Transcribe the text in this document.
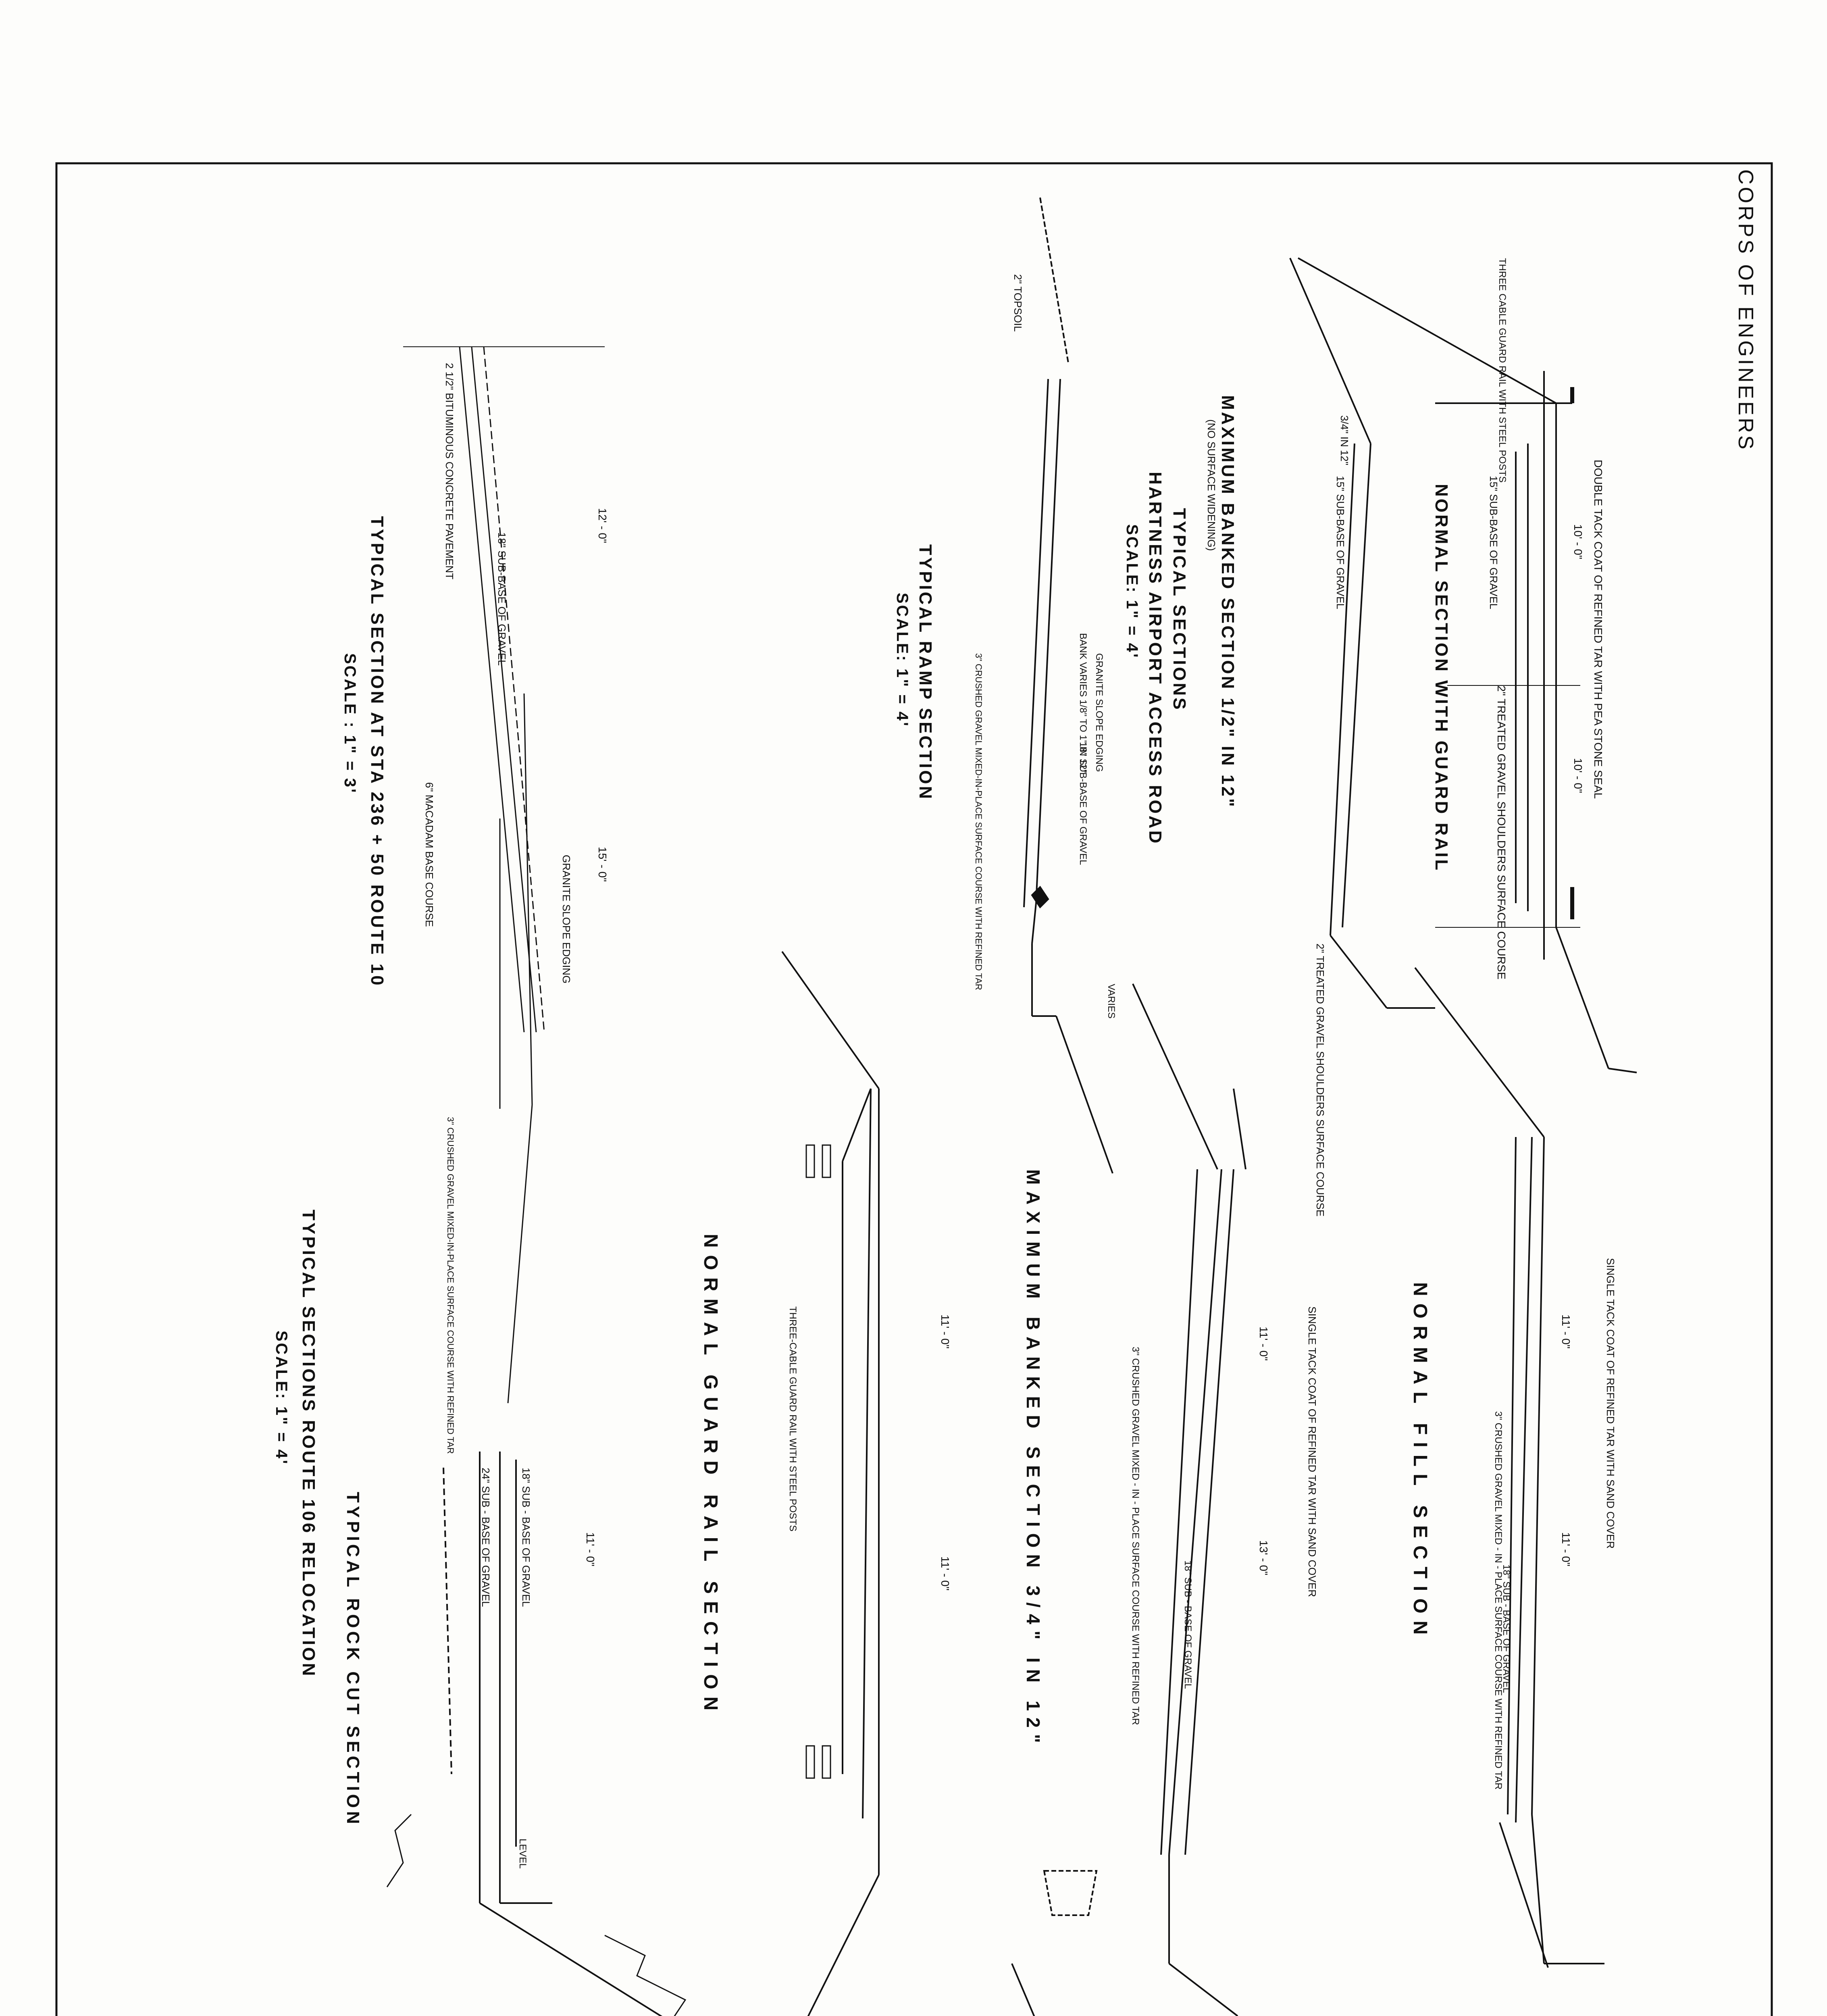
CORPS OF ENGINEERS
NORMAL SECTION WITH GUARD RAIL	DOUBLE TACK COAT OF REFINED TAR WITH PEA STONE SEAL
2" TREATED GRAVEL SHOULDERS SURFACE COURSE
15" SUB-BASE OF GRAVEL
THREE CABLE GUARD RAIL WITH STEEL POSTS
10' - 0"
10' - 0"
MAXIMUM BANKED SECTION 1/2" IN 12"
(NO SURFACE WIDENING)
2" TREATED GRAVEL SHOULDERS SURFACE COURSE
15" SUB-BASE OF GRAVEL
3/4" IN 12"
TYPICAL SECTIONS
HARTNESS AIRPORT ACCESS ROAD
SCALE: 1" = 4'
TYPICAL RAMP SECTION
SCALE: 1" = 4'
2" TOPSOIL
BANK VARIES 1/8" TO 1" IN 12" GRANITE SLOPE EDGING
18" SUB-BASE OF GRAVEL
3" CRUSHED GRAVEL MIXED-IN-PLACE SURFACE COURSE WITH REFINED TAR
VARIES
TYPICAL SECTION AT STA 236 + 50 ROUTE 10
SCALE : 1" = 3'
2 1/2" BITUMINOUS CONCRETE PAVEMENT
18" SUB-BASE OF GRAVEL
6" MACADAM BASE COURSE	GRANITE SLOPE EDGING
3" CRUSHED GRAVEL MIXED-IN-PLACE SURFACE COURSE WITH REFINED TAR
12' - 0"
15' - 0"
NORMAL FILL SECTION	SINGLE TACK COAT OF REFINED TAR WITH SAND COVER
3" CRUSHED GRAVEL MIXED - IN - PLACE SURFACE COURSE WITH REFINED TAR
18" SUB - BASE OF GRAVEL
11' - 0"
11' - 0"
MAXIMUM BANKED SECTION 3/4" IN 12"	SINGLE TACK COAT OF REFINED TAR WITH SAND COVER
3" CRUSHED GRAVEL MIXED - IN - PLACE SURFACE COURSE WITH REFINED TAR	18" SUB - BASE OF GRAVEL
11' - 0"
13' - 0"
NORMAL GUARD RAIL SECTION	THREE-CABLE GUARD RAIL WITH STEEL POSTS	11' - 0"
11' - 0"
TYPICAL SECTIONS ROUTE 106 RELOCATION
SCALE: 1" = 4'
TYPICAL ROCK CUT SECTION	18" SUB - BASE OF GRAVEL
24" SUB - BASE OF GRAVEL	11' - 0"
LEVEL
